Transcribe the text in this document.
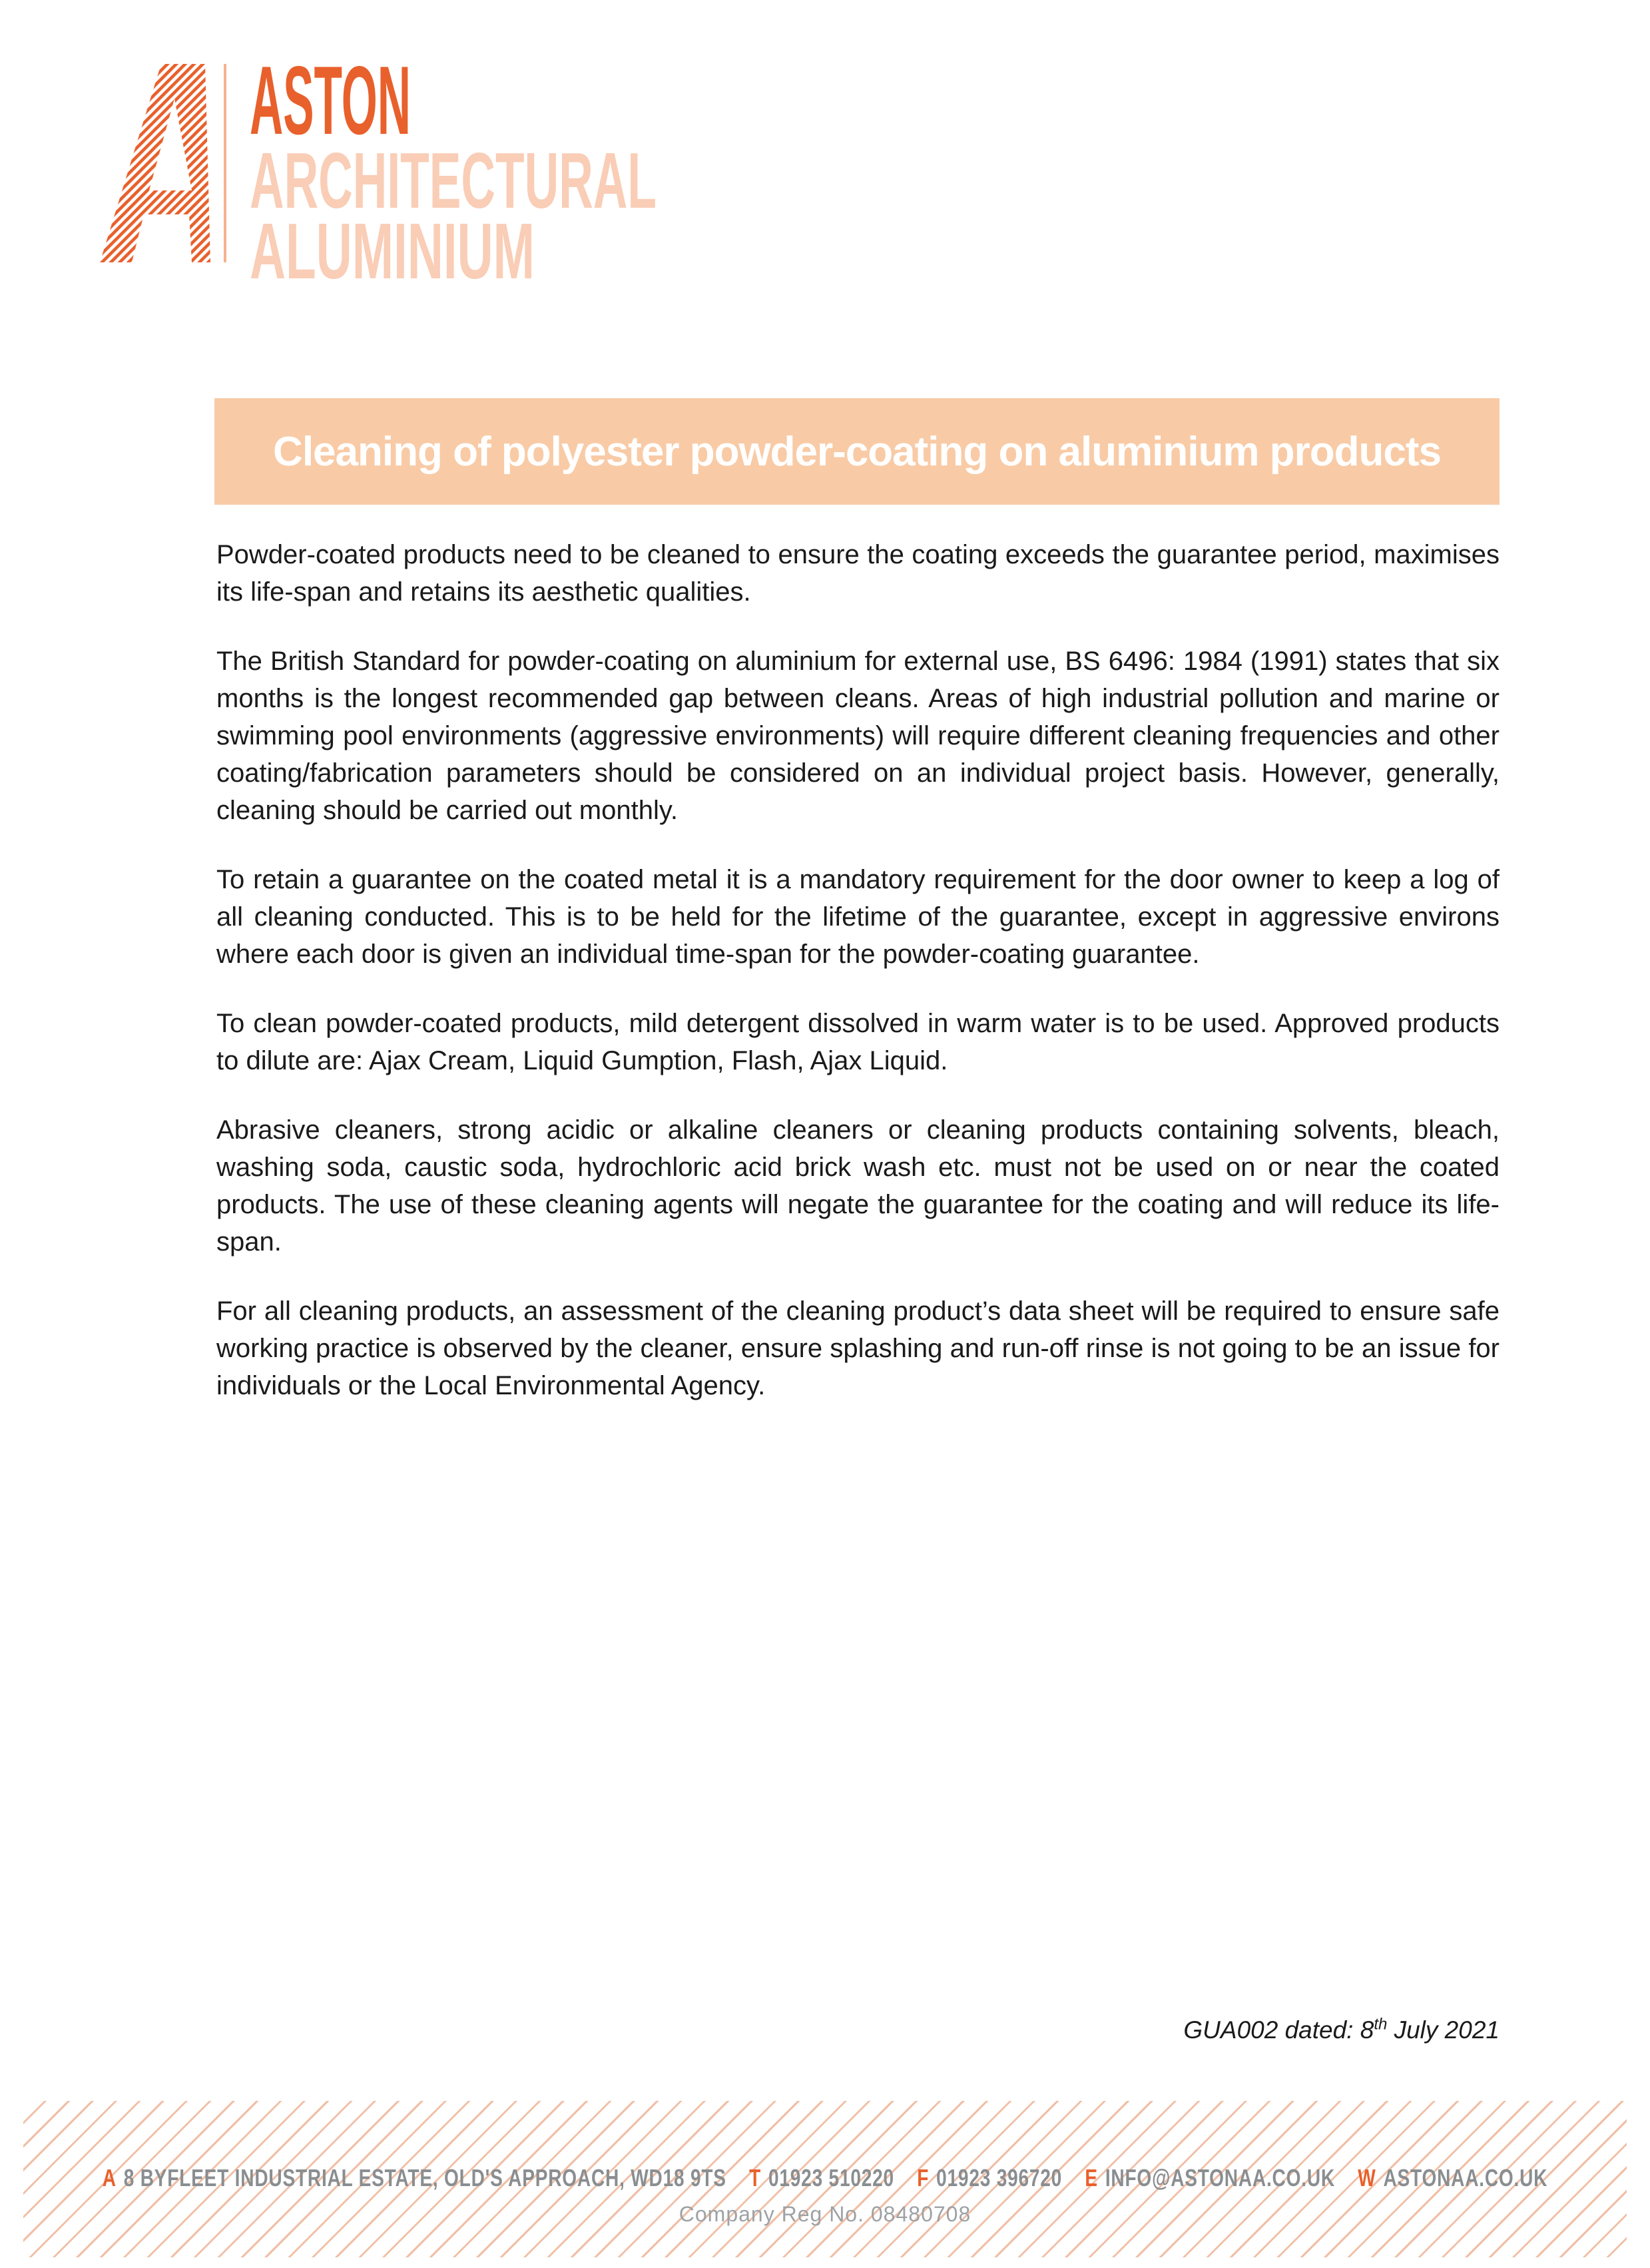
ASTON
ARCHITECTURAL
ALUMINIUM
Cleaning of polyester powder-coating on aluminium products

Powder-coated products need to be cleaned to ensure the coating exceeds the guarantee period, maximises its life-span and retains its aesthetic qualities.

The British Standard for powder-coating on aluminium for external use, BS 6496: 1984 (1991) states that six months is the longest recommended gap between cleans. Areas of high industrial pollution and marine or swimming pool environments (aggressive environments) will require different cleaning frequencies and other coating/fabrication parameters should be considered on an individual project basis. However, generally, cleaning should be carried out monthly.

To retain a guarantee on the coated metal it is a mandatory requirement for the door owner to keep a log of all cleaning conducted. This is to be held for the lifetime of the guarantee, except in aggressive environs where each door is given an individual time-span for the powder-coating guarantee.

To clean powder-coated products, mild detergent dissolved in warm water is to be used. Approved products to dilute are: Ajax Cream, Liquid Gumption, Flash, Ajax Liquid.

Abrasive cleaners, strong acidic or alkaline cleaners or cleaning products containing solvents, bleach, washing soda, caustic soda, hydrochloric acid brick wash etc. must not be used on or near the coated products. The use of these cleaning agents will negate the guarantee for the coating and will reduce its life-span.

For all cleaning products, an assessment of the cleaning product’s data sheet will be required to ensure safe working practice is observed by the cleaner, ensure splashing and run-off rinse is not going to be an issue for individuals or the Local Environmental Agency.

GUA002 dated: 8th July 2021
A 8 BYFLEET INDUSTRIAL ESTATE, OLD'S APPROACH, WD18 9TS T 01923 510220 F 01923 396720 E INFO@ASTONAA.CO.UK W ASTONAA.CO.UK
Company Reg No. 08480708
